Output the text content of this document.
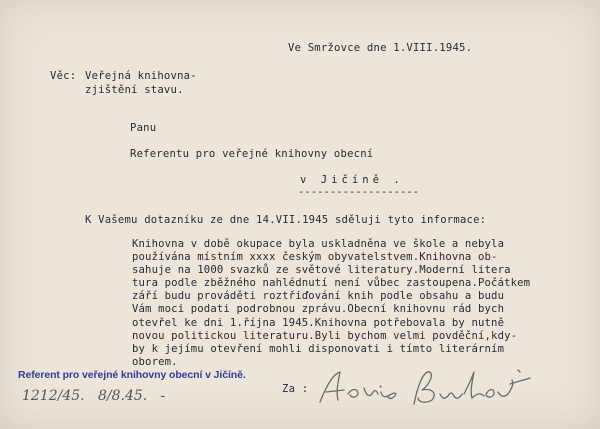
Ve Smržovce dne 1.VIII.1945.
Věc: Veřejná knihovna-
zjištění stavu.
Panu
Referentu pro veřejné knihovny obecní
v Jičíně .
-------------------
K Vašemu dotazníku ze dne 14.VII.1945 sděluji tyto informace:
Knihovna v době okupace byla uskladněna ve škole a nebyla
používána místním xxxx českým obyvatelstvem.Knihovna ob-
sahuje na 1000 svazků ze světové literatury.Moderní litera
tura podle zběžného nahlédnutí není vůbec zastoupena.Počátkem
září budu prováděti roztřiďování knih podle obsahu a budu
Vám moci podati podrobnou zprávu.Obecní knihovnu rád bych
otevřel ke dni 1.října 1945.Knihovna potřebovala by nutně
novou politickou literaturu.Byli bychom velmi povděční,kdy-
by k jejímu otevření mohli disponovati i tímto literárním
oborem.
Za :
Referent pro veřejné knihovny obecní v Jičíně.
1212/45.   8/8.45.   -
